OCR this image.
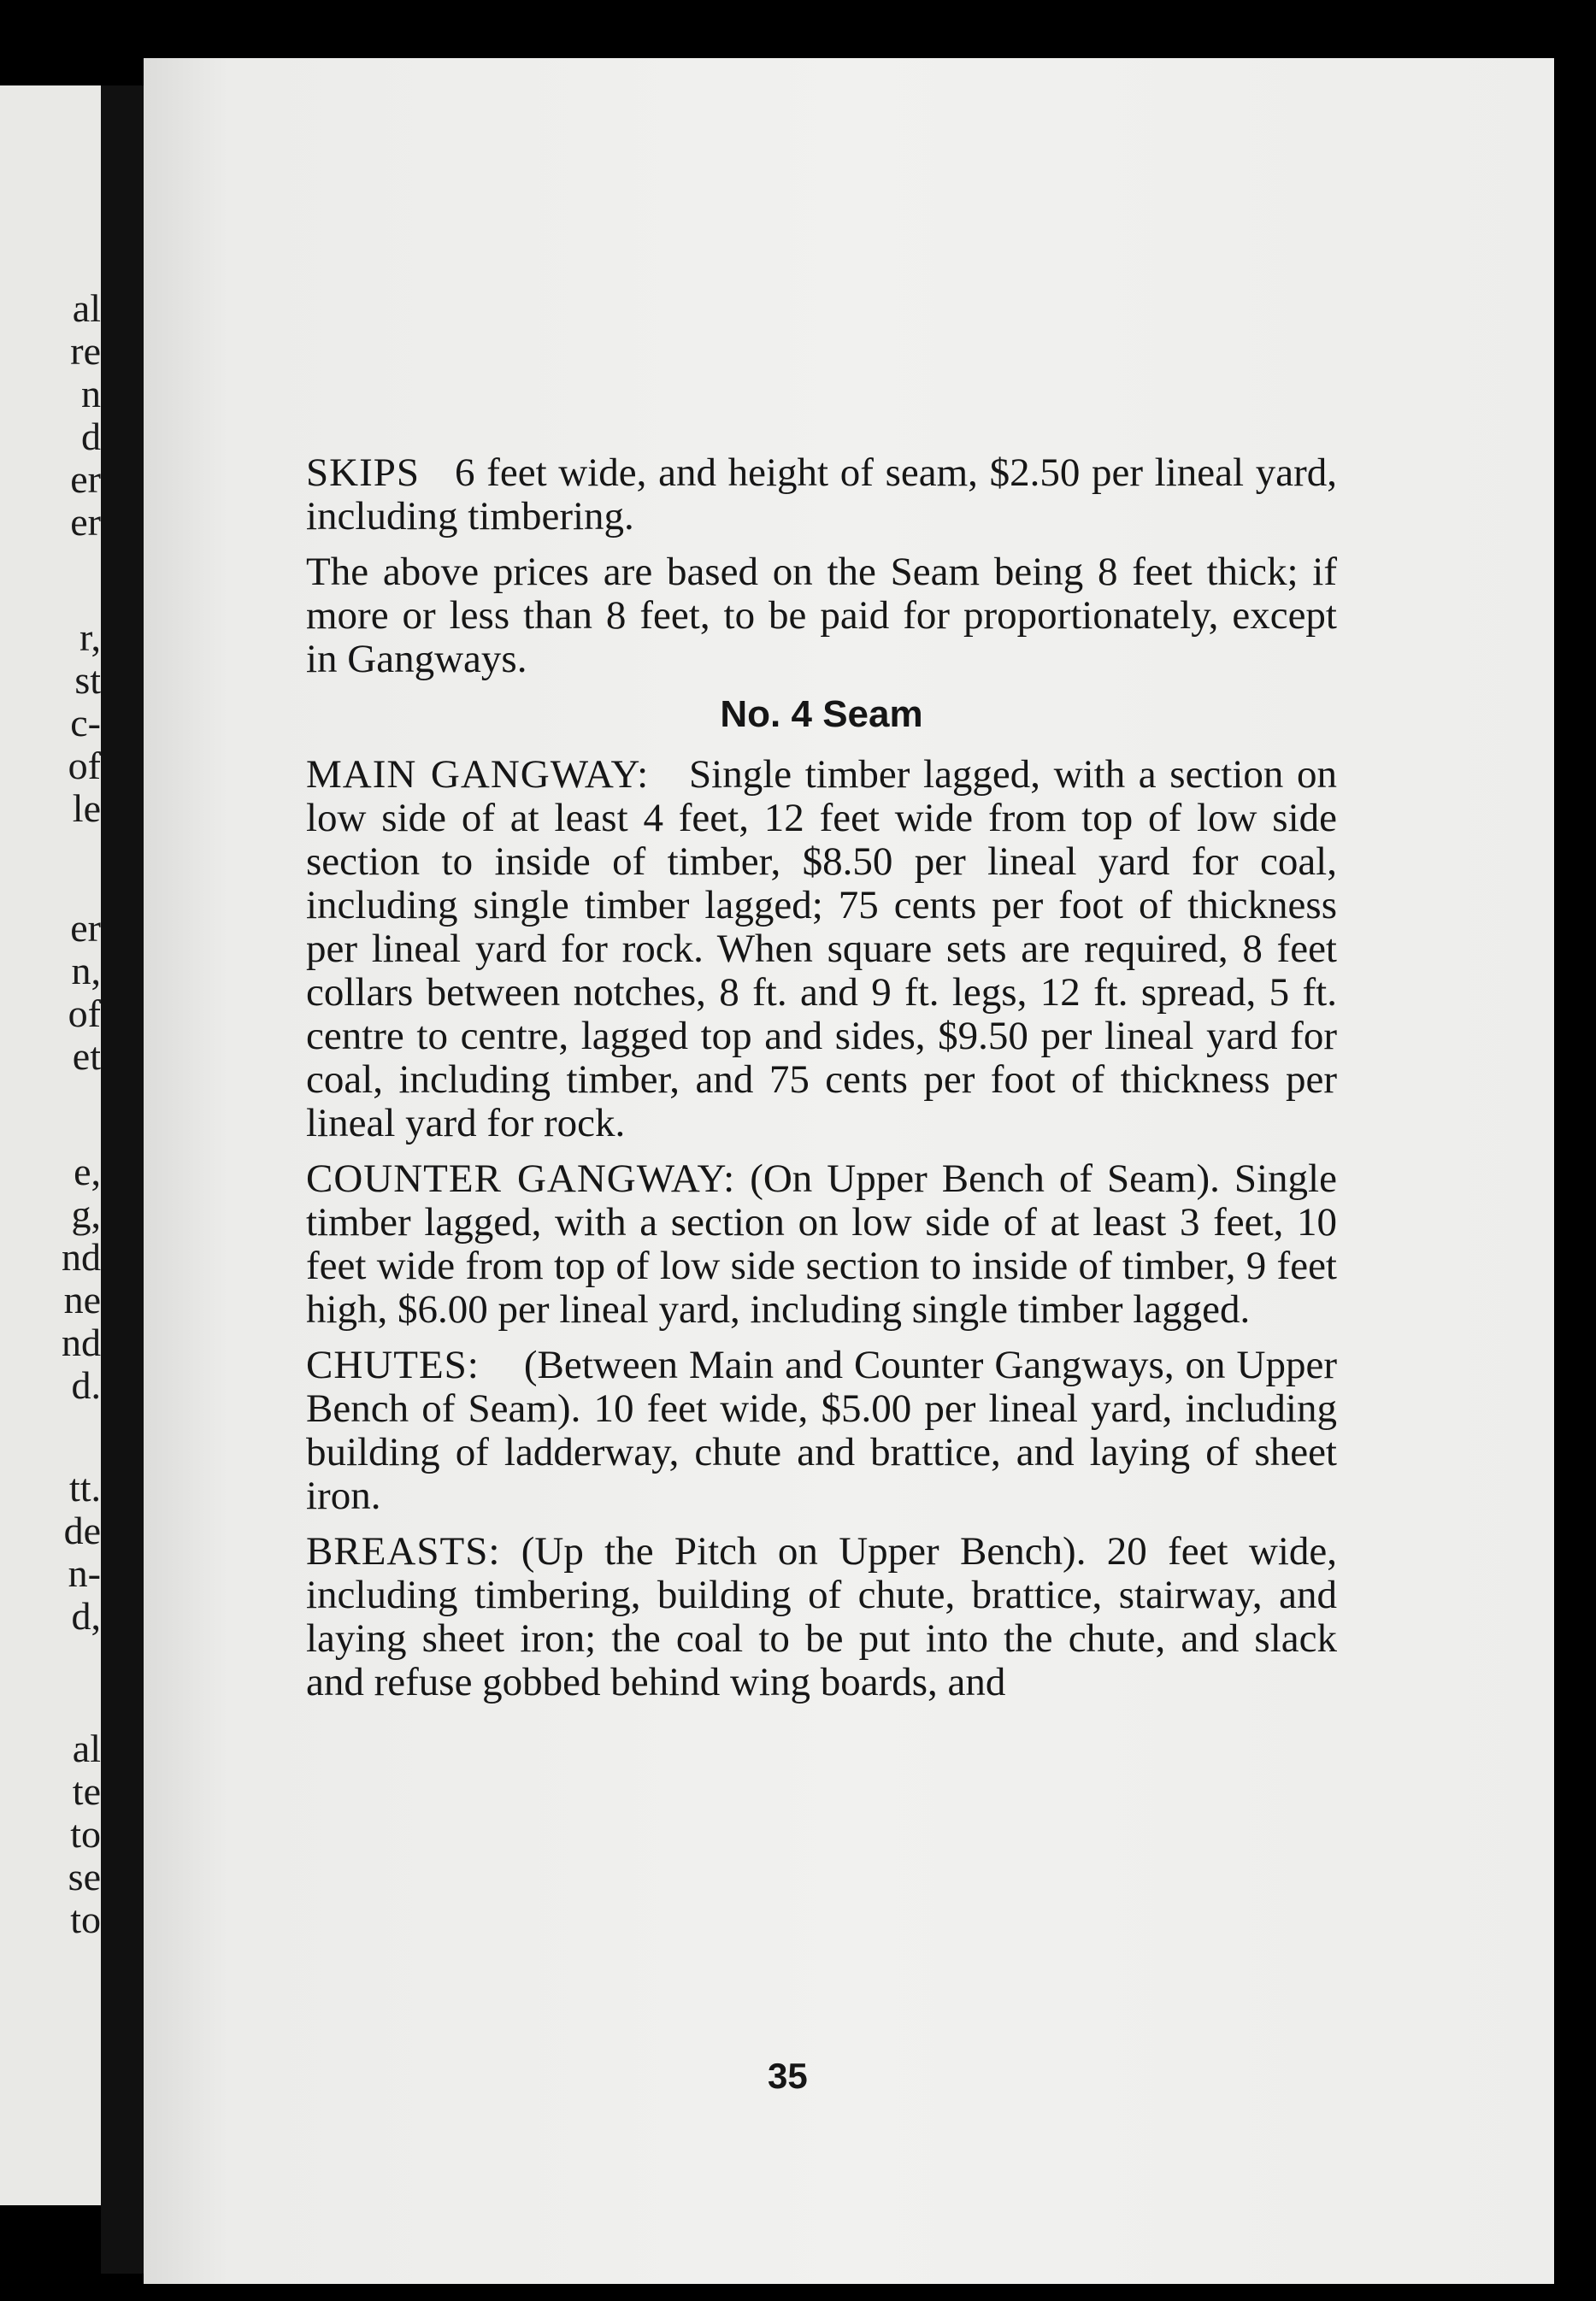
al
re
n
d
er
er
r,
st
c-
of
le
er
n,
of
et
e,
g,
nd
ne
nd
d.
tt.
de
n-
d,
al
te
to
se
to

SKIPS 6 feet wide, and height of seam, $2.50 per lineal yard, including timbering.

The above prices are based on the Seam being 8 feet thick; if more or less than 8 feet, to be paid for proportionately, except in Gangways.

No. 4 Seam

MAIN GANGWAY: Single timber lagged, with a section on low side of at least 4 feet, 12 feet wide from top of low side section to inside of timber, $8.50 per lineal yard for coal, including single timber lagged; 75 cents per foot of thickness per lineal yard for rock. When square sets are required, 8 feet collars between notches, 8 ft. and 9 ft. legs, 12 ft. spread, 5 ft. centre to centre, lagged top and sides, $9.50 per lineal yard for coal, including timber, and 75 cents per foot of thickness per lineal yard for rock.

COUNTER GANGWAY: (On Upper Bench of Seam). Single timber lagged, with a section on low side of at least 3 feet, 10 feet wide from top of low side section to inside of timber, 9 feet high, $6.00 per lineal yard, including single timber lagged.

CHUTES: (Between Main and Counter Gangways, on Upper Bench of Seam). 10 feet wide, $5.00 per lineal yard, including building of ladderway, chute and brattice, and laying of sheet iron.

BREASTS: (Up the Pitch on Upper Bench). 20 feet wide, including timbering, building of chute, brattice, stairway, and laying sheet iron; the coal to be put into the chute, and slack and refuse gobbed behind wing boards, and

35
